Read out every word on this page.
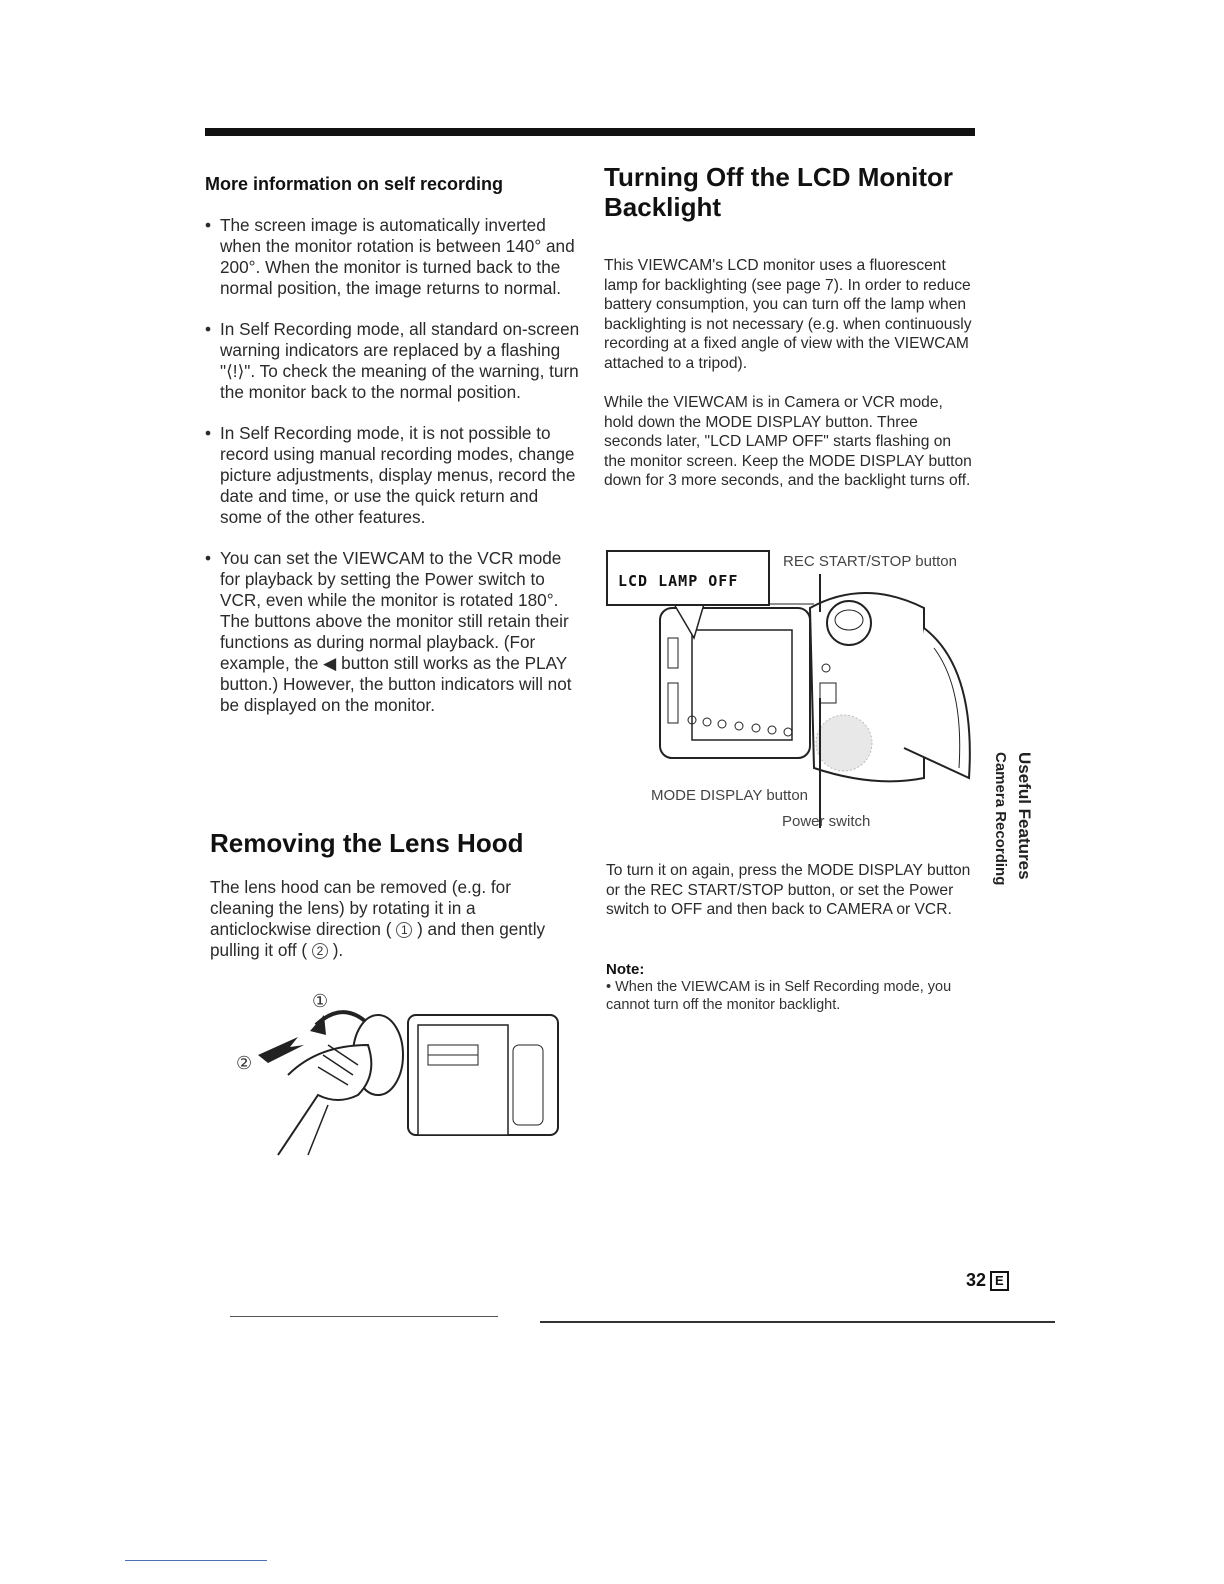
More information on self recording
• The screen image is automatically inverted when the monitor rotation is between 140° and 200°. When the monitor is turned back to the normal position, the image returns to normal.
• In Self Recording mode, all standard on-screen warning indicators are replaced by a flashing "⟨!⟩". To check the meaning of the warning, turn the monitor back to the normal position.
• In Self Recording mode, it is not possible to record using manual recording modes, change picture adjustments, display menus, record the date and time, or use the quick return and some of the other features.
• You can set the VIEWCAM to the VCR mode for playback by setting the Power switch to VCR, even while the monitor is rotated 180°. The buttons above the monitor still retain their functions as during normal playback. (For example, the ◀ button still works as the PLAY button.) However, the button indicators will not be displayed on the monitor.
Removing the Lens Hood

The lens hood can be removed (e.g. for cleaning the lens) by rotating it in a anticlockwise direction ( 1 ) and then gently pulling it off ( 2 ).

①
②
Turning Off the LCD Monitor Backlight

This VIEWCAM's LCD monitor uses a fluorescent lamp for backlighting (see page 7). In order to reduce battery consumption, you can turn off the lamp when backlighting is not necessary (e.g. when continuously recording at a fixed angle of view with the VIEWCAM attached to a tripod).

While the VIEWCAM is in Camera or VCR mode, hold down the MODE DISPLAY button. Three seconds later, "LCD LAMP OFF" starts flashing on the monitor screen. Keep the MODE DISPLAY button down for 3 more seconds, and the backlight turns off.

LCD LAMP OFF
REC START/STOP button
MODE DISPLAY button
Power switch

To turn it on again, press the MODE DISPLAY button or the REC START/STOP button, or set the Power switch to OFF and then back to CAMERA or VCR.

Note:
• When the VIEWCAM is in Self Recording mode, you cannot turn off the monitor backlight.
Useful Features
Camera Recording
32 E
